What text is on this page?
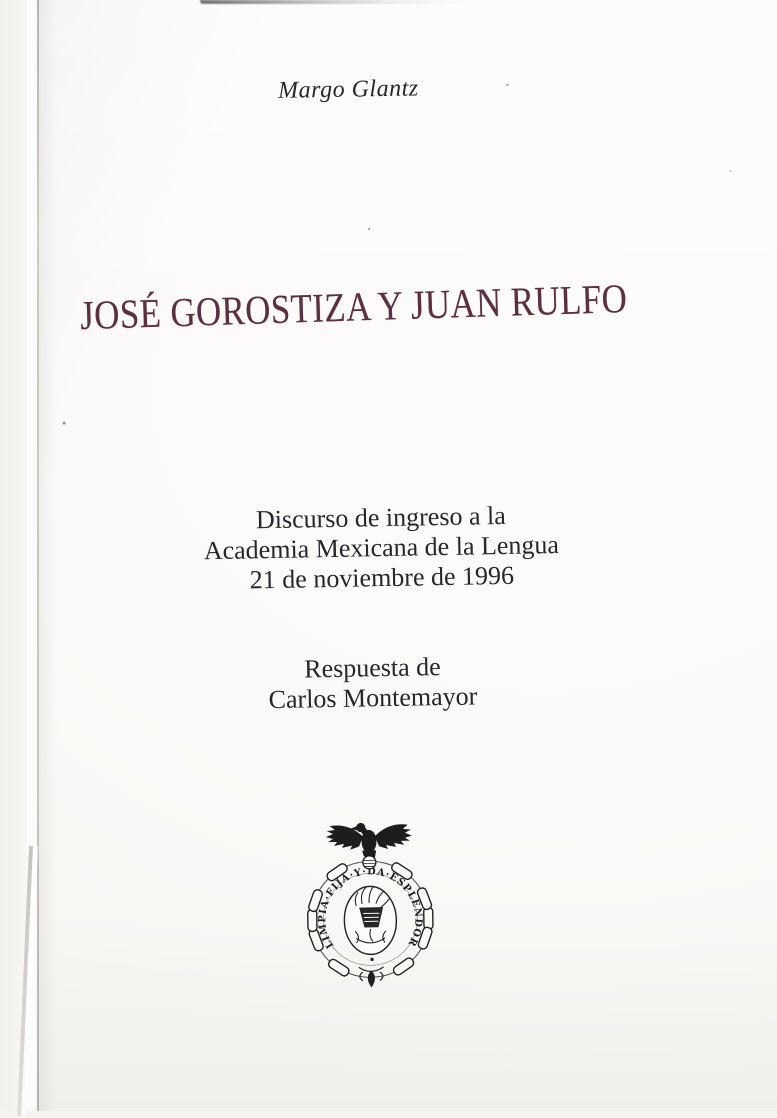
Margo Glantz
JOSÉ GOROSTIZA Y JUAN RULFO
Discurso de ingreso a la
Academia Mexicana de la Lengua
21 de noviembre de 1996
Respuesta de
Carlos Montemayor
LIMPIA·FIJA·Y·DA·ESPLENDOR
